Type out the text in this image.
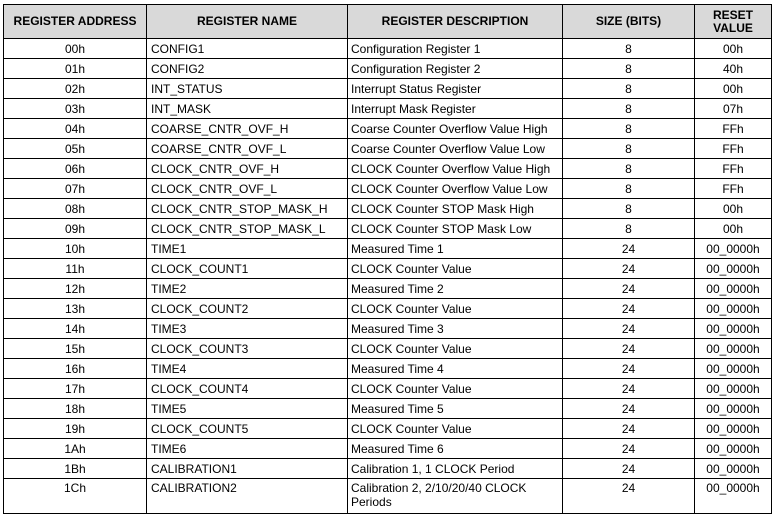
REGISTER ADDRESS	REGISTER NAME	REGISTER DESCRIPTION	SIZE (BITS)	RESET VALUE
00h	CONFIG1	Configuration Register 1	8	00h
01h	CONFIG2	Configuration Register 2	8	40h
02h	INT_STATUS	Interrupt Status Register	8	00h
03h	INT_MASK	Interrupt Mask Register	8	07h
04h	COARSE_CNTR_OVF_H	Coarse Counter Overflow Value High	8	FFh
05h	COARSE_CNTR_OVF_L	Coarse Counter Overflow Value Low	8	FFh
06h	CLOCK_CNTR_OVF_H	CLOCK Counter Overflow Value High	8	FFh
07h	CLOCK_CNTR_OVF_L	CLOCK Counter Overflow Value Low	8	FFh
08h	CLOCK_CNTR_STOP_MASK_H	CLOCK Counter STOP Mask High	8	00h
09h	CLOCK_CNTR_STOP_MASK_L	CLOCK Counter STOP Mask Low	8	00h
10h	TIME1	Measured Time 1	24	00_0000h
11h	CLOCK_COUNT1	CLOCK Counter Value	24	00_0000h
12h	TIME2	Measured Time 2	24	00_0000h
13h	CLOCK_COUNT2	CLOCK Counter Value	24	00_0000h
14h	TIME3	Measured Time 3	24	00_0000h
15h	CLOCK_COUNT3	CLOCK Counter Value	24	00_0000h
16h	TIME4	Measured Time 4	24	00_0000h
17h	CLOCK_COUNT4	CLOCK Counter Value	24	00_0000h
18h	TIME5	Measured Time 5	24	00_0000h
19h	CLOCK_COUNT5	CLOCK Counter Value	24	00_0000h
1Ah	TIME6	Measured Time 6	24	00_0000h
1Bh	CALIBRATION1	Calibration 1, 1 CLOCK Period	24	00_0000h
1Ch	CALIBRATION2	Calibration 2, 2/10/20/40 CLOCK Periods	24	00_0000h
